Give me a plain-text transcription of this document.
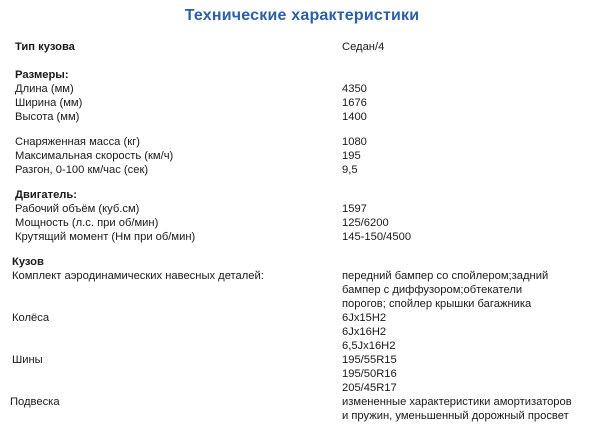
Технические характеристики
Тип кузова	Седан/4
Размеры:
Длина (мм)	4350
Ширина (мм)	1676
Высота (мм)	1400
Снаряженная масса (кг)	1080
Максимальная скорость (км/ч)	195
Разгон, 0-100 км/час (сек)	9,5
Двигатель:
Рабочий объём (куб.см)	1597
Мощность (л.с. при об/мин)	125/6200
Крутящий момент (Нм при об/мин)	145-150/4500
Кузов
Комплект аэродинамических навесных деталей:	передний бампер со спойлером;задний
бампер с диффузором;обтекатели
порогов; спойлер крышки багажника
Колёса	6Jx15H2
6Jx16H2
6,5Jx16H2
Шины	195/55R15
195/50R16
205/45R17
Подвеска	измененные характеристики амортизаторов
и пружин, уменьшенный дорожный просвет
